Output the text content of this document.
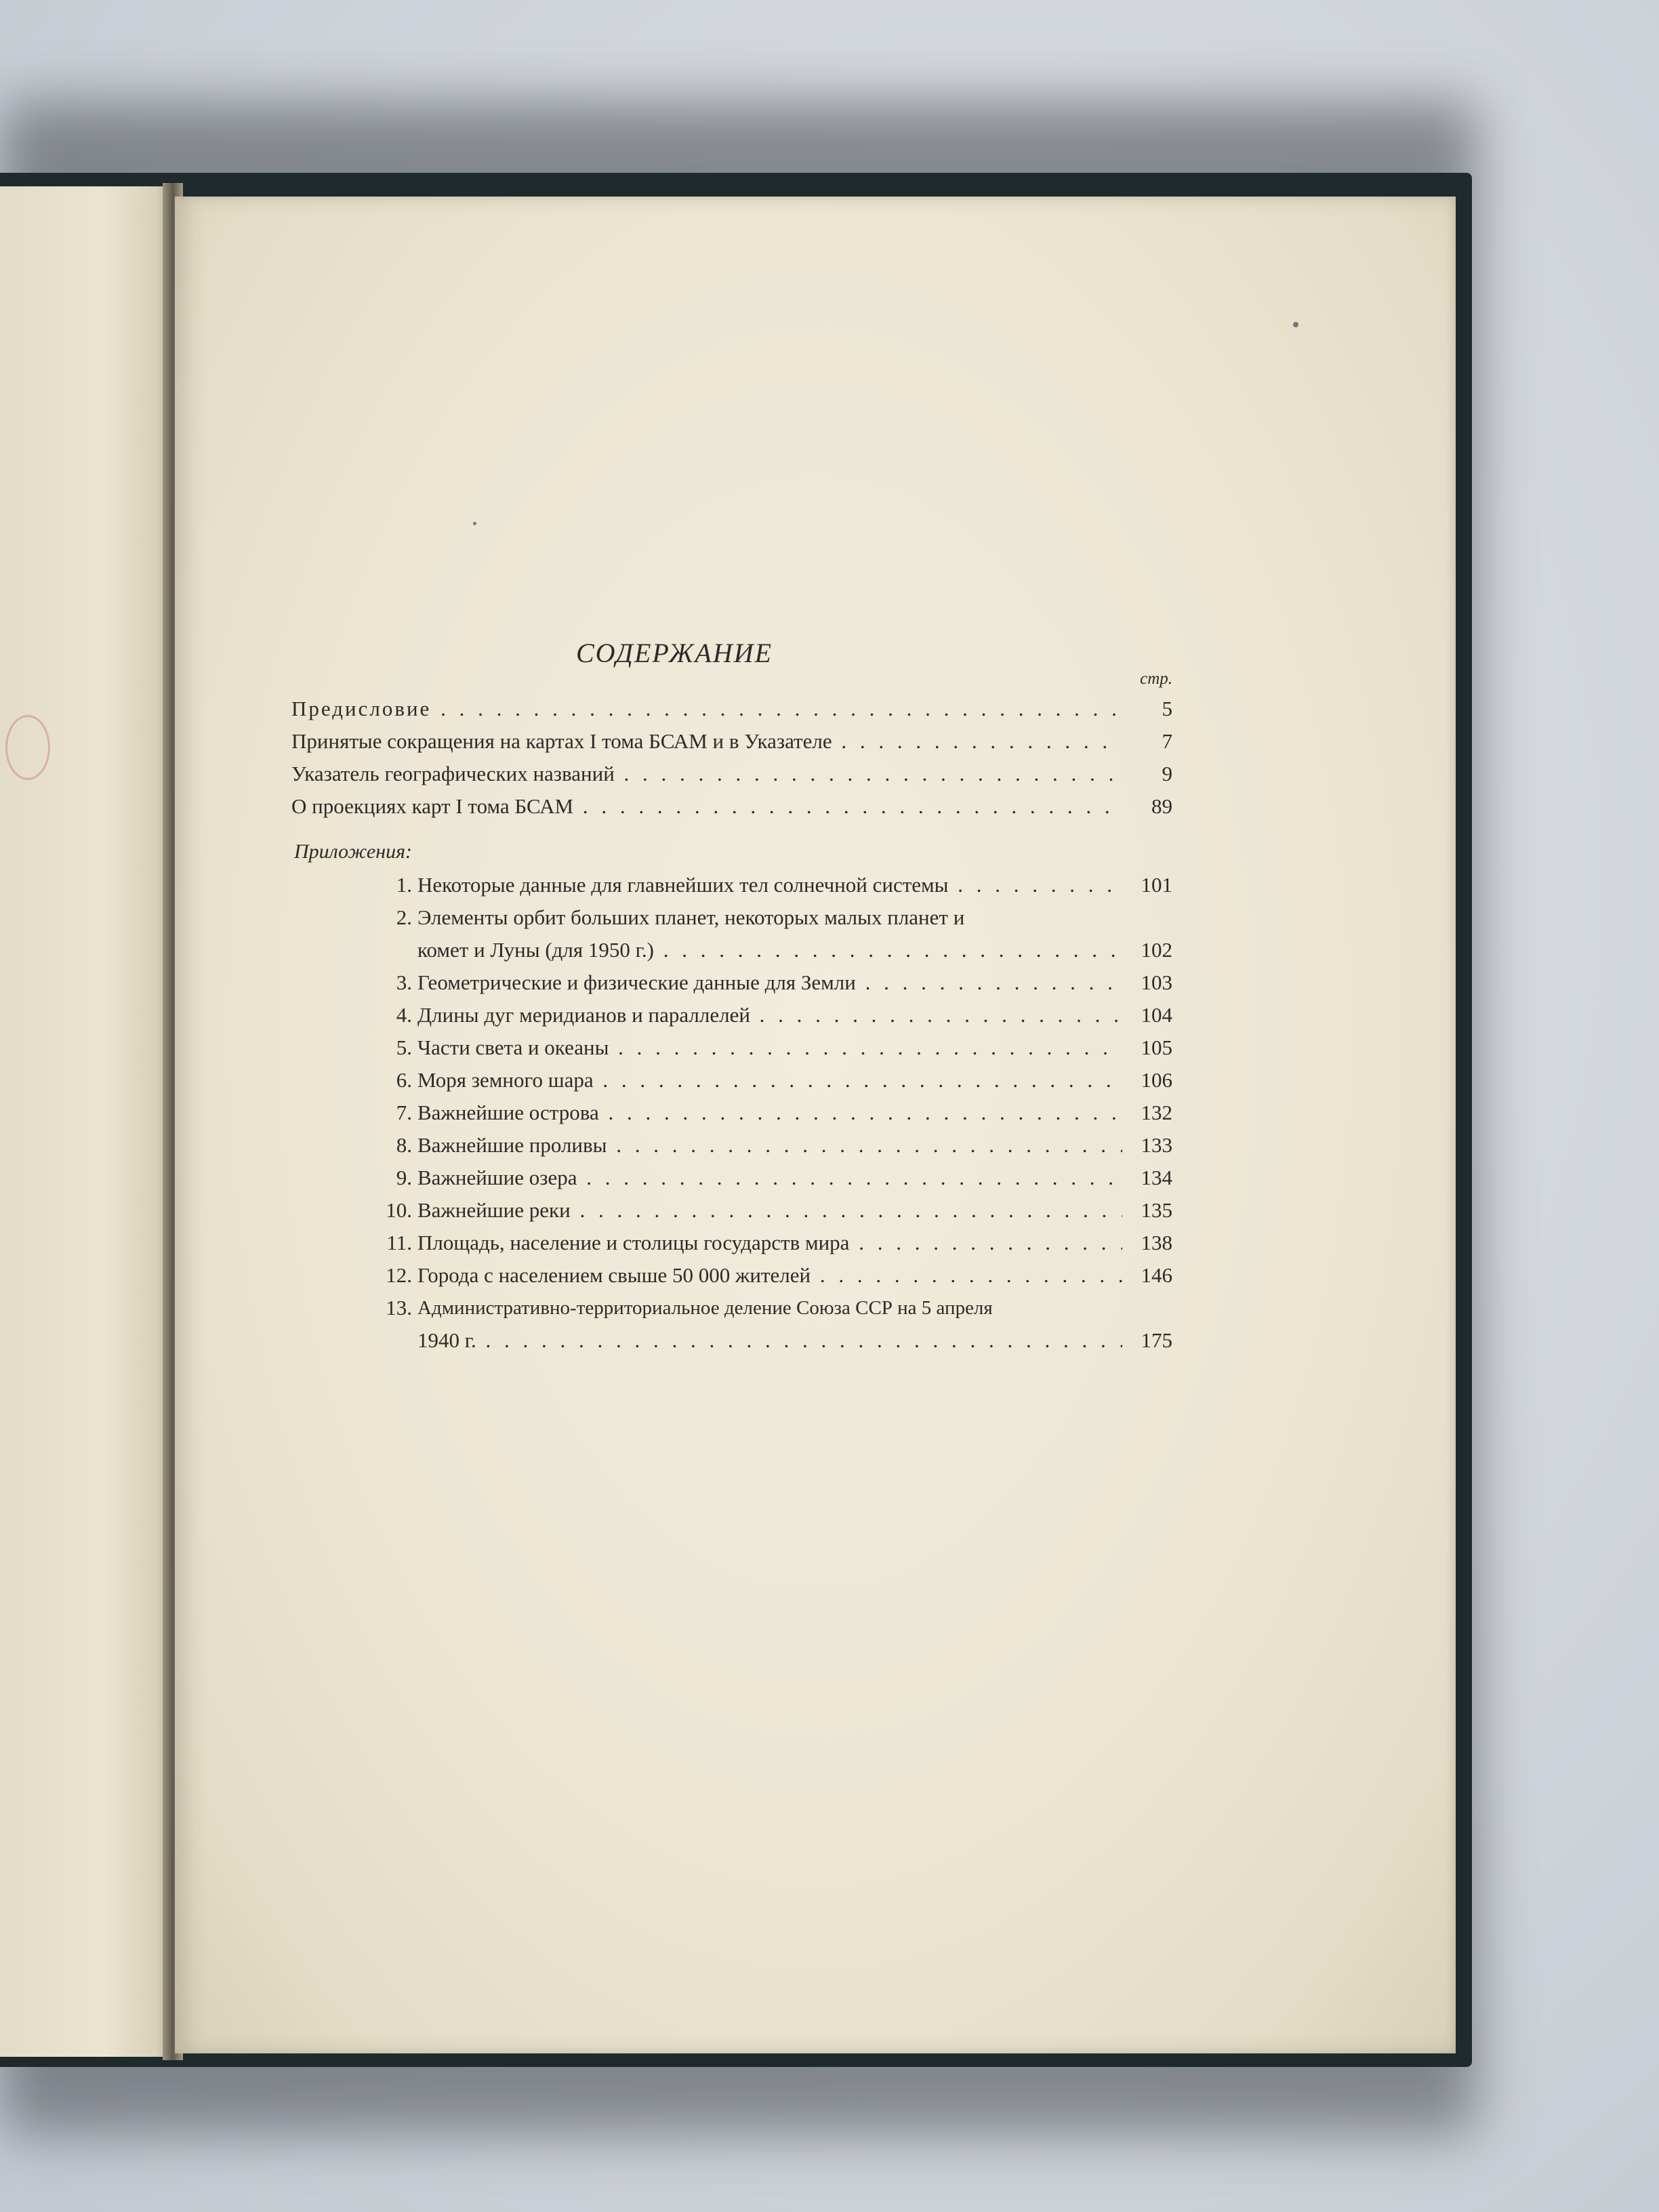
СОДЕРЖАНИЕ
стр.
Предисловие . . .	5
Принятые сокращения на картах I тома БСАМ и в Указателе . . .	7
Указатель географических названий . . .	9
О проекциях карт I тома БСАМ . . .	89
Приложения:
1. Некоторые данные для главнейших тел солнечной системы . . .	101
2. Элементы орбит больших планет, некоторых малых планет и
комет и Луны (для 1950 г.) . . .	102
3. Геометрические и физические данные для Земли . . .	103
4. Длины дуг меридианов и параллелей . . .	104
5. Части света и океаны . . .	105
6. Моря земного шара . . .	106
7. Важнейшие острова . . .	132
8. Важнейшие проливы . . .	133
9. Важнейшие озера . . .	134
10. Важнейшие реки . . .	135
11. Площадь, население и столицы государств мира . . .	138
12. Города с населением свыше 50 000 жителей . . .	146
13. Административно-территориальное деление Союза ССР на 5 апреля
1940 г. . . .	175
